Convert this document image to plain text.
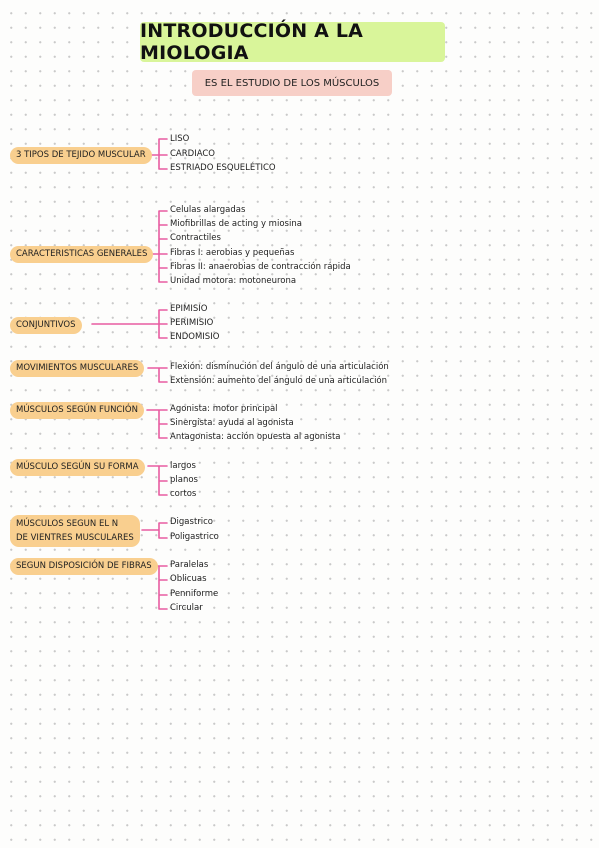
INTRODUCCIÓN A LA MIOLOGIA
ES EL ESTUDIO DE LOS MÚSCULOS
3 TIPOS DE TEJIDO MUSCULAR
LISO
CARDIACO
ESTRIADO ESQUELÉTICO
CARACTERISTICAS GENERALES
Celulas alargadas
Miofibrillas de acting y miosina
Contractiles
Fibras I: aerobias y pequeñas
Fibras II: anaerobias de contracción rápida
Unidad motora: motoneurona
CONJUNTIVOS
EPIMISIO
PERIMISIO
ENDOMISIO
MOVIMIENTOS MUSCULARES	Flexión: disminución del ángulo de una articulación
Extensión: aumento del ángulo de una articulación
MÚSCULOS SEGÚN FUNCIÓN	Agonista: motor principal
Sinergista: ayuda al agonista
Antagonista: acción opuesta al agonista
MÚSCULO SEGÚN SU FORMA	largos
planos
cortos
MÚSCULOS SEGUN EL N
DE VIENTRES MUSCULARES
Digastrico
Poligastrico
SEGUN DISPOSICIÓN DE FIBRAS	Paralelas
Oblicuas
Penniforme
Circular
